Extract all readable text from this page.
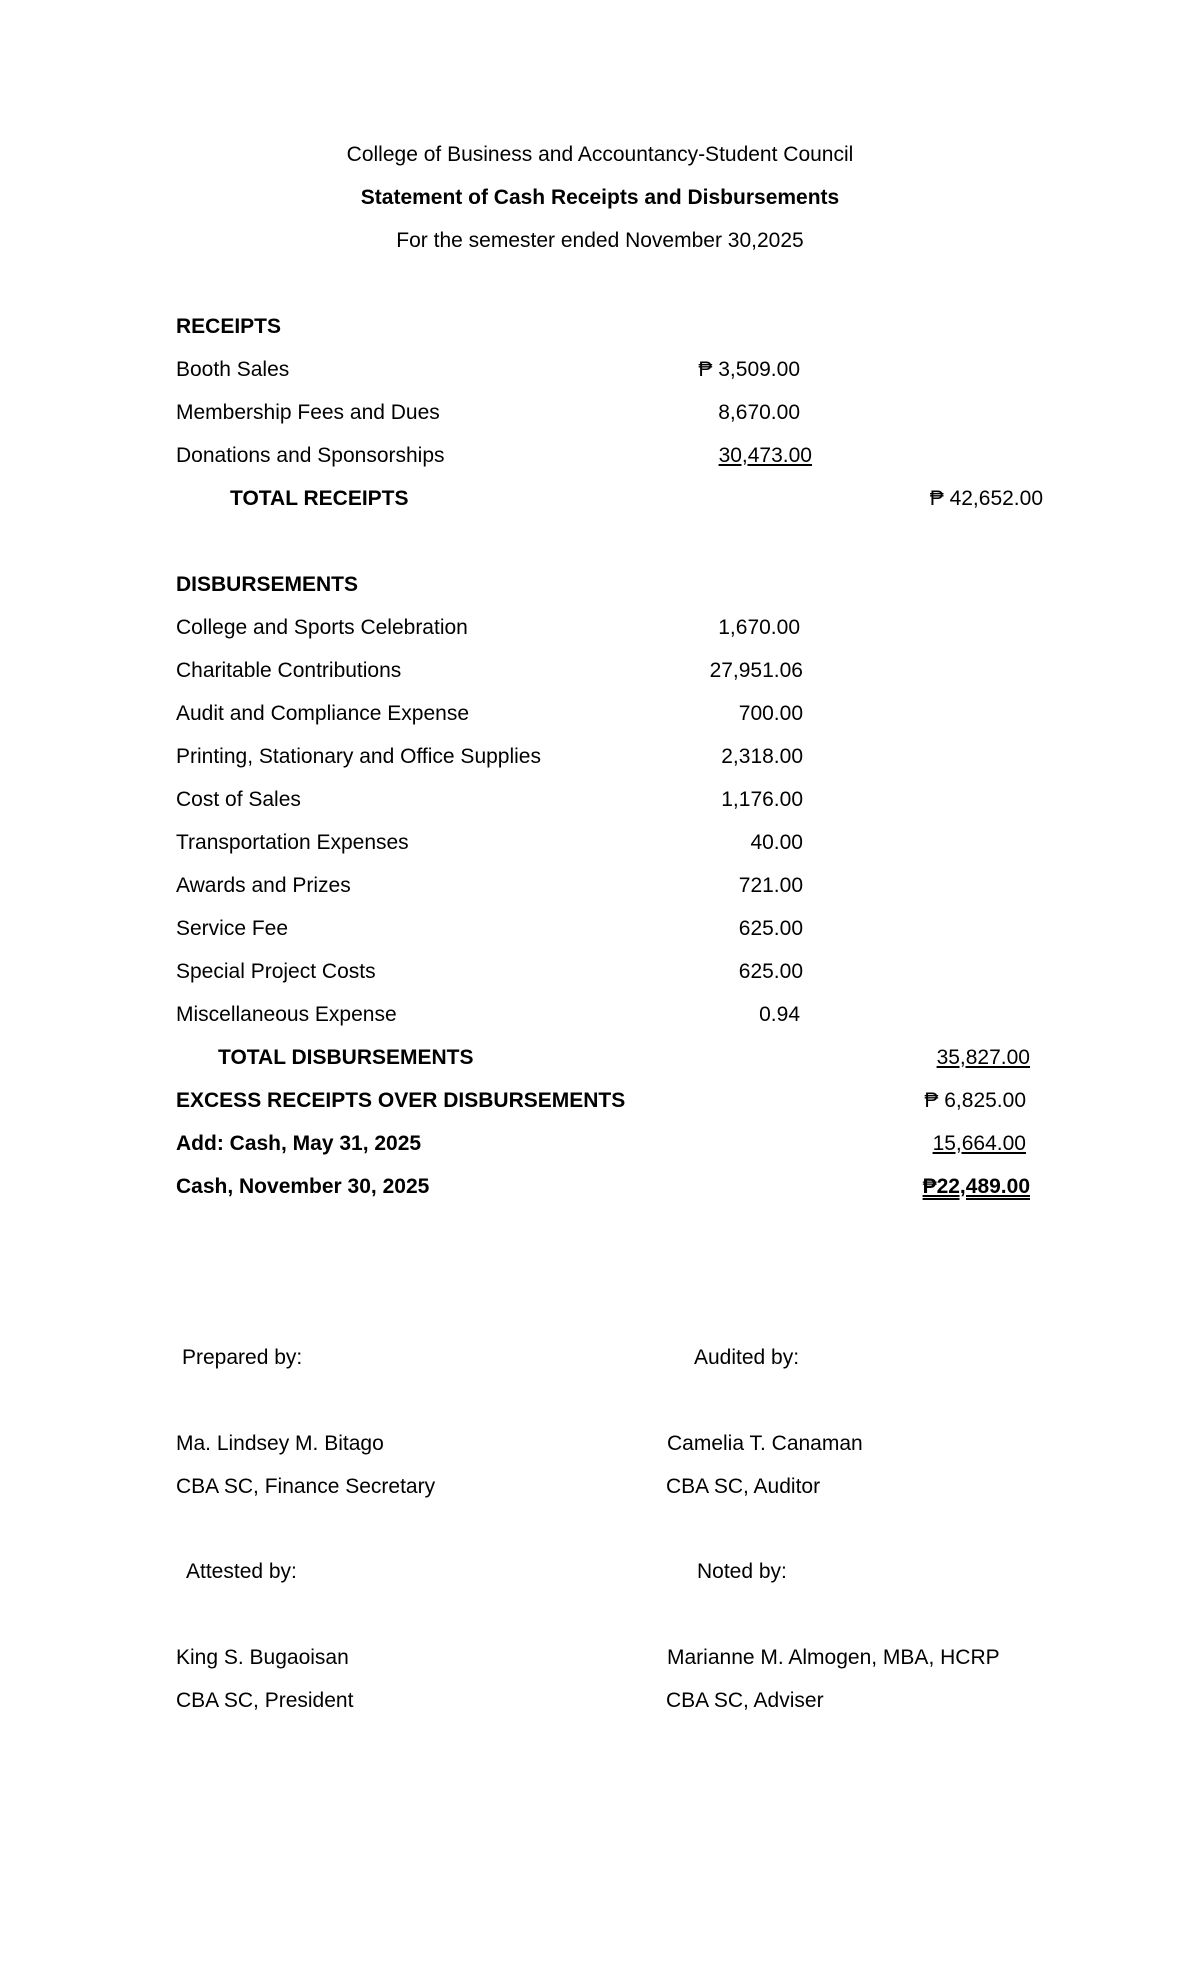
College of Business and Accountancy-Student Council
Statement of Cash Receipts and Disbursements
For the semester ended November 30,2025
RECEIPTS
Booth Sales	₱ 3,509.00
Membership Fees and Dues	8,670.00
Donations and Sponsorships	30,473.00
TOTAL RECEIPTS	₱ 42,652.00
DISBURSEMENTS
College and Sports Celebration	1,670.00
Charitable Contributions	27,951.06
Audit and Compliance Expense	700.00
Printing, Stationary and Office Supplies	2,318.00
Cost of Sales	1,176.00
Transportation Expenses	40.00
Awards and Prizes	721.00
Service Fee	625.00
Special Project Costs	625.00
Miscellaneous Expense	0.94
TOTAL DISBURSEMENTS	35,827.00
EXCESS RECEIPTS OVER DISBURSEMENTS	₱ 6,825.00
Add: Cash, May 31, 2025	15,664.00
Cash, November 30, 2025	₱22,489.00
Prepared by:	Audited by:
Ma. Lindsey M. Bitago	Camelia T. Canaman
CBA SC, Finance Secretary	CBA SC, Auditor
Attested by:	Noted by:
King S. Bugaoisan	Marianne M. Almogen, MBA, HCRP
CBA SC, President	CBA SC, Adviser
